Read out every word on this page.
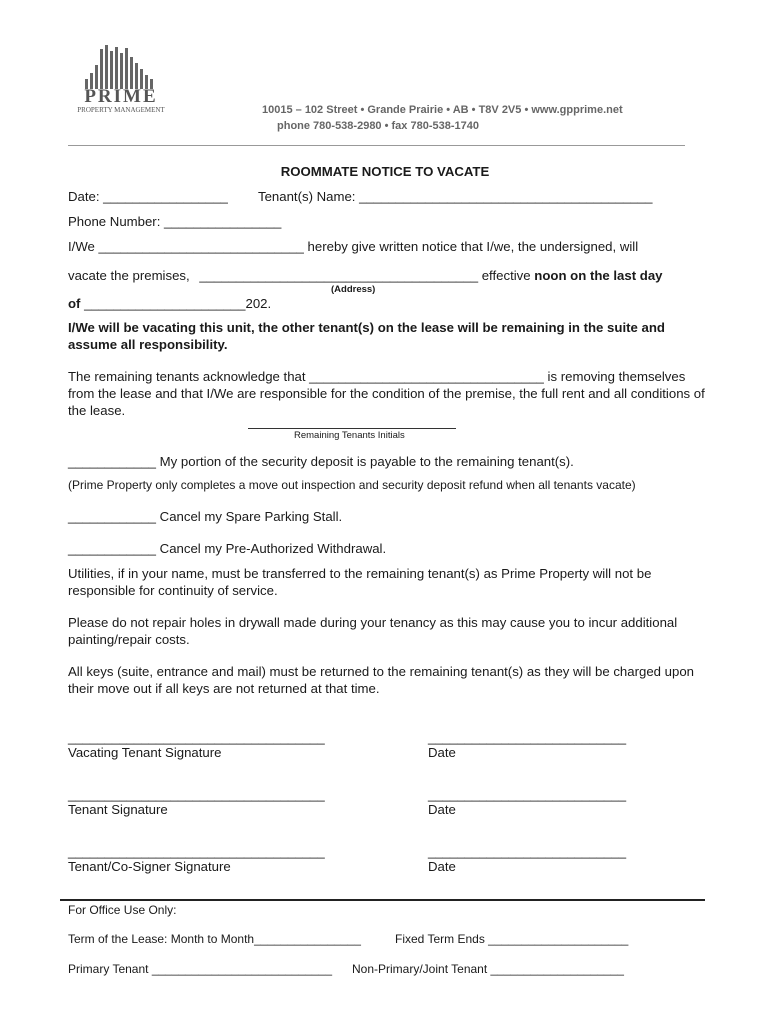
PRIME
PROPERTY MANAGEMENT	10015 – 102 Street • Grande Prairie • AB • T8V 2V5 • www.gpprime.net
phone 780-538-2980 • fax 780-538-1740
ROOMMATE NOTICE TO VACATE
Date: _________________ Tenant(s) Name: ________________________________________
Phone Number: ________________
I/We ____________________________ hereby give written notice that I/we, the undersigned, will
vacate the premises, ______________________________________ effective noon on the last day
(Address)
of ______________________202.
I/We will be vacating this unit, the other tenant(s) on the lease will be remaining in the suite and assume all responsibility.
The remaining tenants acknowledge that ________________________________ is removing themselves from the lease and that I/We are responsible for the condition of the premise, the full rent and all conditions of the lease.
Remaining Tenants Initials
____________ My portion of the security deposit is payable to the remaining tenant(s).
(Prime Property only completes a move out inspection and security deposit refund when all tenants vacate)
____________ Cancel my Spare Parking Stall.
____________ Cancel my Pre-Authorized Withdrawal.
Utilities, if in your name, must be transferred to the remaining tenant(s) as Prime Property will not be responsible for continuity of service.
Please do not repair holes in drywall made during your tenancy as this may cause you to incur additional painting/repair costs.
All keys (suite, entrance and mail) must be returned to the remaining tenant(s) as they will be charged upon their move out if all keys are not returned at that time.
___________________________________
Vacating Tenant Signature
___________________________
Date
___________________________________
Tenant Signature
___________________________
Date
___________________________________
Tenant/Co-Signer Signature
___________________________
Date
For Office Use Only:
Term of the Lease: Month to Month________________	Fixed Term Ends _____________________
Primary Tenant ___________________________ Non-Primary/Joint Tenant ____________________
